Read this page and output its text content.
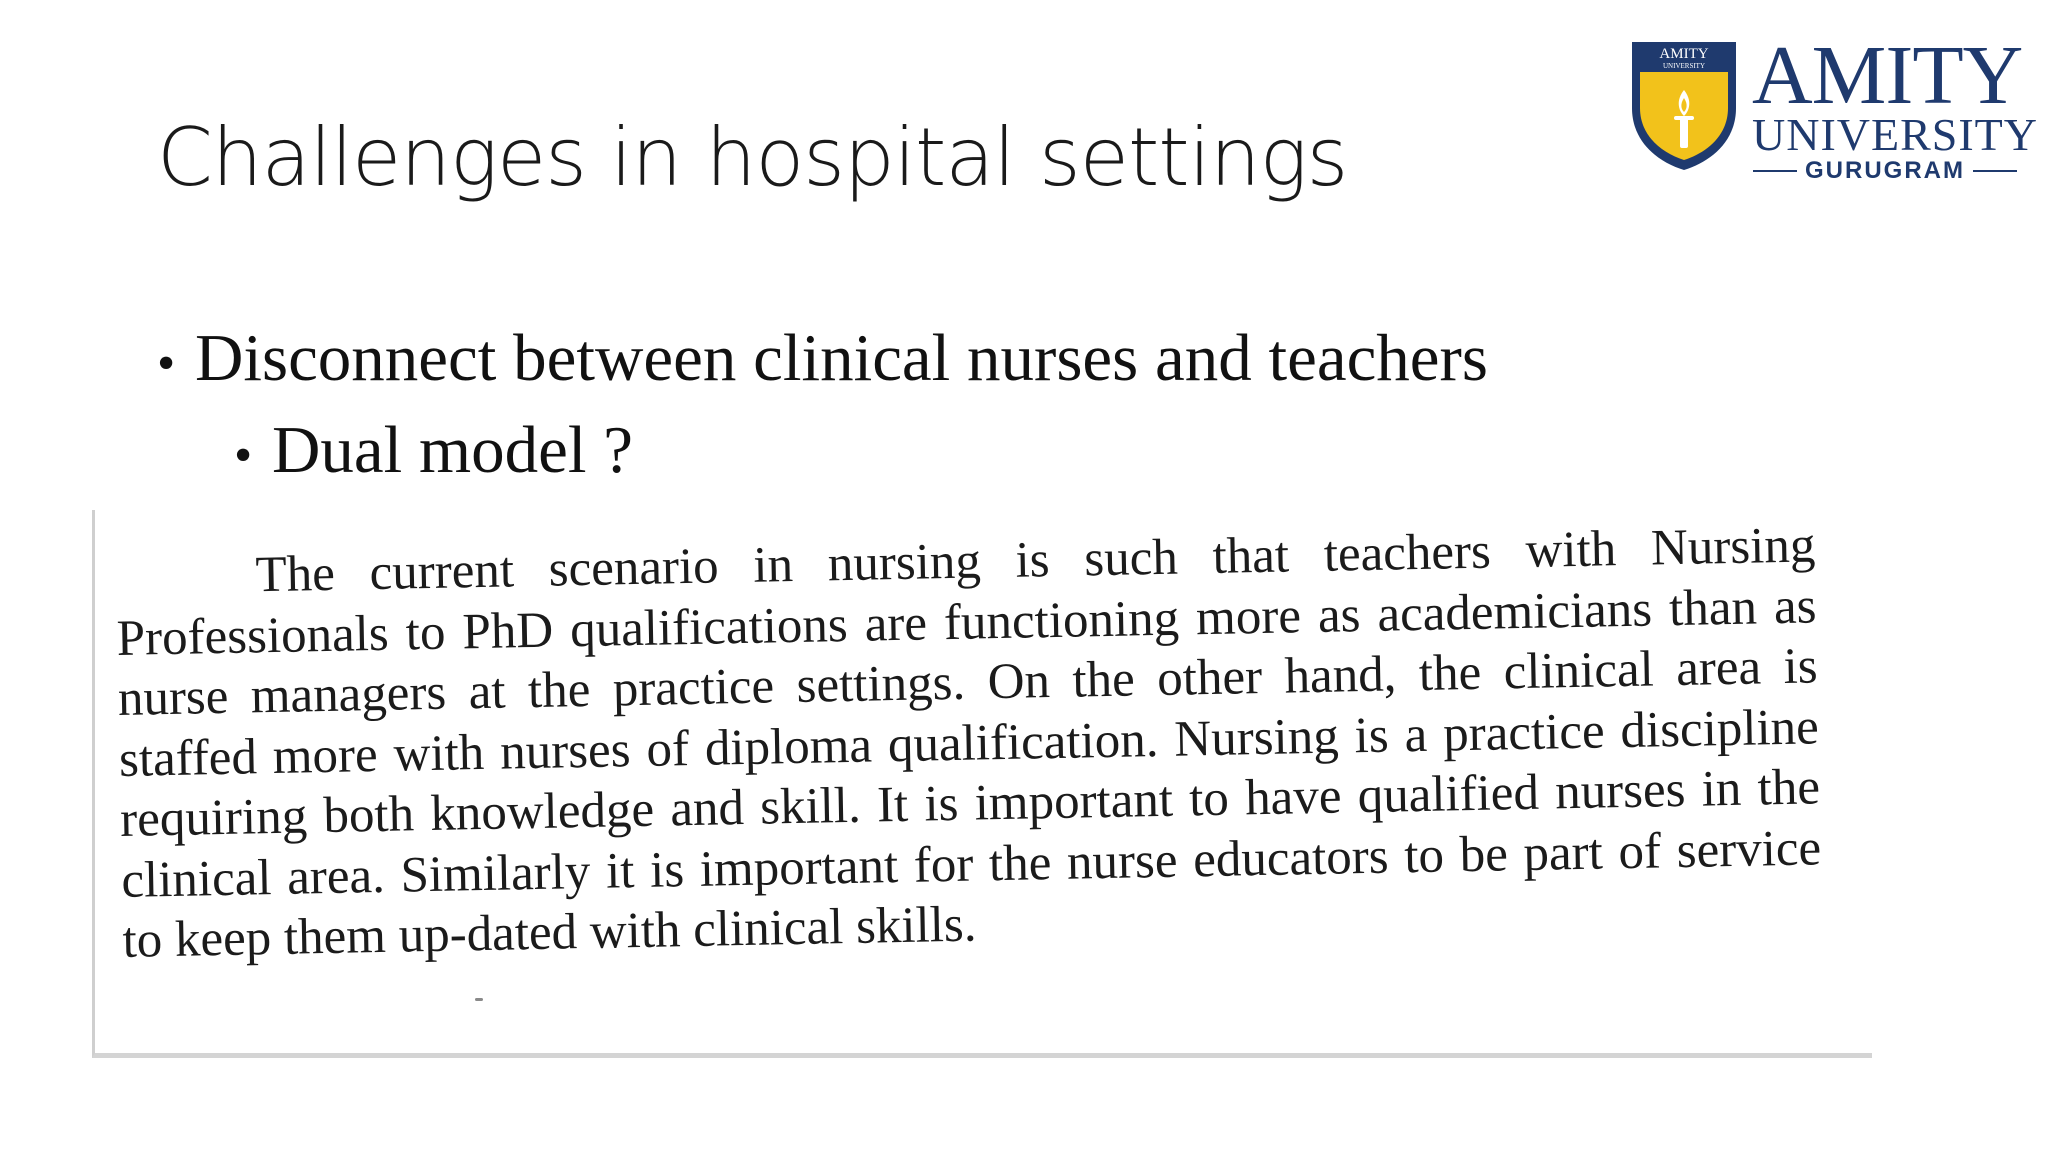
Challenges in hospital settings
AMITY
UNIVERSITY AMITY
UNIVERSITY
GURUGRAM
• Disconnect between clinical nurses and teachers
• Dual model ?
The current scenario in nursing is such that teachers with Nursing Professionals to PhD qualifications are functioning more as academicians than as nurse managers at the practice settings. On the other hand, the clinical area is staffed more with nurses of diploma qualification. Nursing is a practice discipline requiring both knowledge and skill. It is important to have qualified nurses in the clinical area. Similarly it is important for the nurse educators to be part of service to keep them up-dated with clinical skills.
